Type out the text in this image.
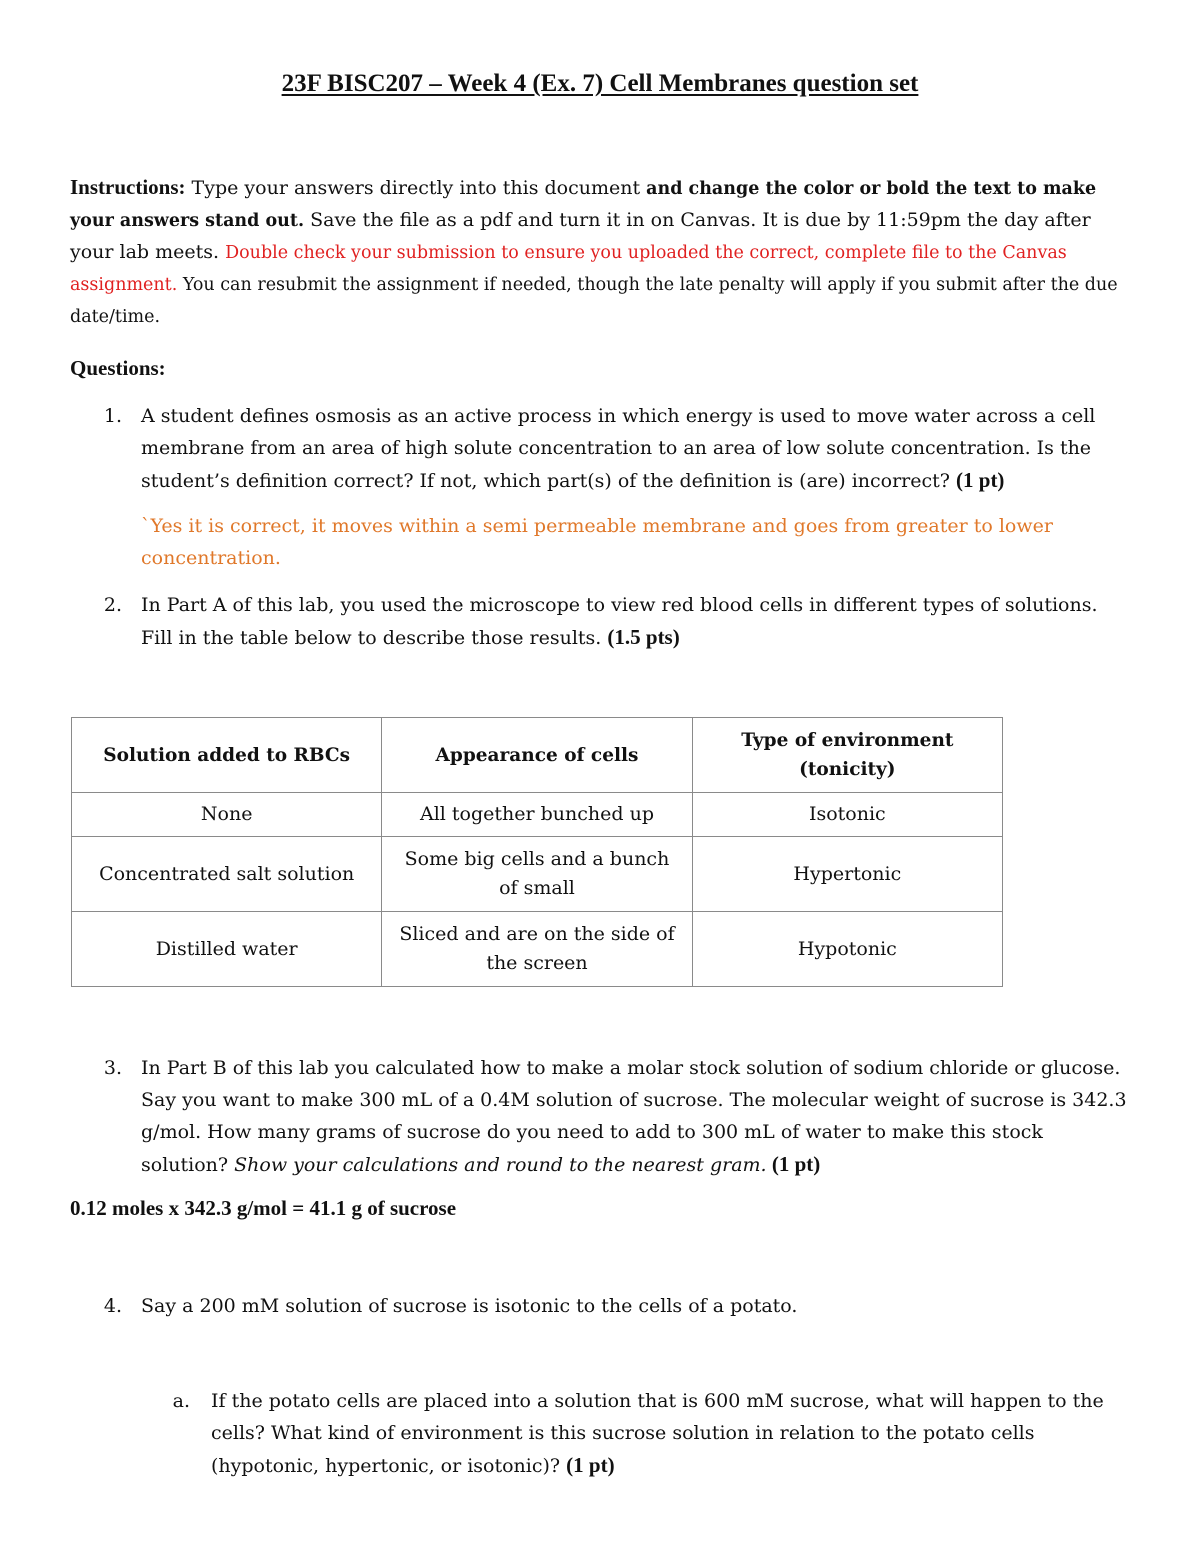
23F BISC207 – Week 4 (Ex. 7) Cell Membranes question set
Instructions: Type your answers directly into this document and change the color or bold the text to make your answers stand out. Save the file as a pdf and turn it in on Canvas. It is due by 11:59pm the day after your lab meets. Double check your submission to ensure you uploaded the correct, complete file to the Canvas assignment. You can resubmit the assignment if needed, though the late penalty will apply if you submit after the due date/time.
Questions:
1. A student defines osmosis as an active process in which energy is used to move water across a cell membrane from an area of high solute concentration to an area of low solute concentration. Is the student’s definition correct? If not, which part(s) of the definition is (are) incorrect? (1 pt)
`Yes it is correct, it moves within a semi permeable membrane and goes from greater to lower concentration.
2. In Part A of this lab, you used the microscope to view red blood cells in different types of solutions. Fill in the table below to describe those results. (1.5 pts)
Solution added to RBCs	Appearance of cells	Type of environment (tonicity)
None	All together bunched up	Isotonic
Concentrated salt solution	Some big cells and a bunch of small	Hypertonic
Distilled water	Sliced and are on the side of the screen	Hypotonic
3. In Part B of this lab you calculated how to make a molar stock solution of sodium chloride or glucose. Say you want to make 300 mL of a 0.4M solution of sucrose. The molecular weight of sucrose is 342.3 g/mol. How many grams of sucrose do you need to add to 300 mL of water to make this stock solution? Show your calculations and round to the nearest gram. (1 pt)
0.12 moles x 342.3 g/mol = 41.1 g of sucrose
4. Say a 200 mM solution of sucrose is isotonic to the cells of a potato.
a. If the potato cells are placed into a solution that is 600 mM sucrose, what will happen to the cells? What kind of environment is this sucrose solution in relation to the potato cells (hypotonic, hypertonic, or isotonic)? (1 pt)
